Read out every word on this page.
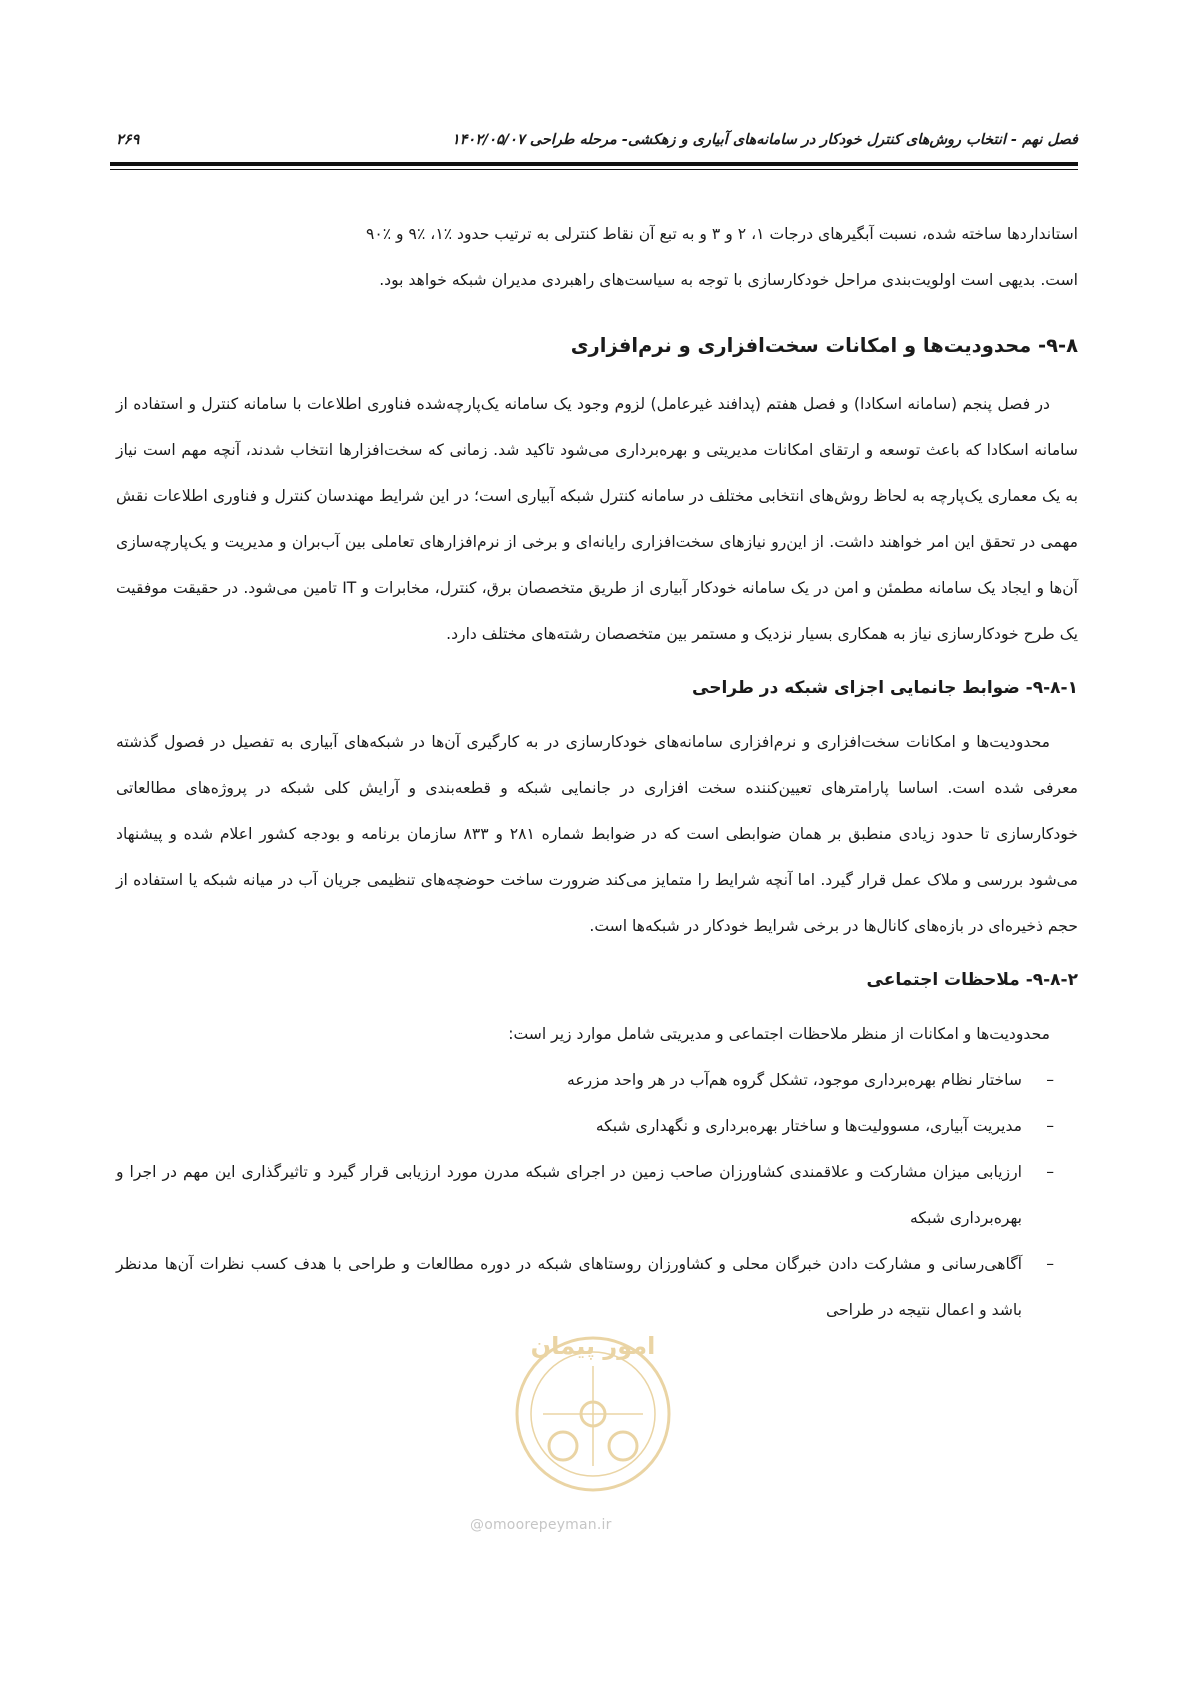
فصل نهم - انتخاب روش‌های کنترل خودکار در سامانه‌های آبیاری و زهکشی- مرحله طراحی ۱۴۰۲/۰۵/۰۷
۲۶۹

استانداردها ساخته شده، نسبت آبگیرهای درجات ۱، ۲ و ۳ و به تبع آن نقاط کنترلی به ترتیب حدود ٪۱، ٪۹ و ٪۹۰
است. بدیهی است اولویت‌بندی مراحل خودکارسازی با توجه به سیاست‌های راهبردی مدیران شبکه خواهد بود.

۹-۸- محدودیت‌ها و امکانات سخت‌افزاری و نرم‌افزاری

در فصل پنجم (سامانه اسکادا) و فصل هفتم (پدافند غیرعامل) لزوم وجود یک سامانه یک‌پارچه‌شده فناوری اطلاعات با سامانه کنترل و استفاده از سامانه اسکادا که باعث توسعه و ارتقای امکانات مدیریتی و بهره‌برداری می‌شود تاکید شد. زمانی که سخت‌افزارها انتخاب شدند، آنچه مهم است نیاز به یک معماری یک‌پارچه به لحاظ روش‌های انتخابی مختلف در سامانه کنترل شبکه آبیاری است؛ در این شرایط مهندسان کنترل و فناوری اطلاعات نقش مهمی در تحقق این امر خواهند داشت. از این‌رو نیازهای سخت‌افزاری رایانه‌ای و برخی از نرم‌افزارهای تعاملی بین آب‌بران و مدیریت و یک‌پارچه‌سازی آن‌ها و ایجاد یک سامانه مطمئن و امن در یک سامانه خودکار آبیاری از طریق متخصصان برق، کنترل، مخابرات و IT تامین می‌شود. در حقیقت موفقیت یک طرح خودکارسازی نیاز به همکاری بسیار نزدیک و مستمر بین متخصصان رشته‌های مختلف دارد.

۹-۸-۱- ضوابط جانمایی اجزای شبکه در طراحی

محدودیت‌ها و امکانات سخت‌افزاری و نرم‌افزاری سامانه‌های خودکارسازی در به کارگیری آن‌ها در شبکه‌های آبیاری به تفصیل در فصول گذشته معرفی شده است. اساسا پارامترهای تعیین‌کننده سخت افزاری در جانمایی شبکه و قطعه‌بندی و آرایش کلی شبکه در پروژه‌های مطالعاتی خودکارسازی تا حدود زیادی منطبق بر همان ضوابطی است که در ضوابط شماره ۲۸۱ و ۸۳۳ سازمان برنامه و بودجه کشور اعلام شده و پیشنهاد می‌شود بررسی و ملاک عمل قرار گیرد. اما آنچه شرایط را متمایز می‌کند ضرورت ساخت حوضچه‌های تنظیمی جریان آب در میانه شبکه یا استفاده از حجم ذخیره‌ای در بازه‌های کانال‌ها در برخی شرایط خودکار در شبکه‌ها است.

۹-۸-۲- ملاحظات اجتماعی

محدودیت‌ها و امکانات از منظر ملاحظات اجتماعی و مدیریتی شامل موارد زیر است:

–
ساختار نظام بهره‌برداری موجود، تشکل گروه هم‌آب در هر واحد مزرعه
–
مدیریت آبیاری، مسوولیت‌ها و ساختار بهره‌برداری و نگهداری شبکه
–
ارزیابی میزان مشارکت و علاقمندی کشاورزان صاحب زمین در اجرای شبکه مدرن مورد ارزیابی قرار گیرد و تاثیرگذاری این مهم در اجرا و بهره‌برداری شبکه
–
آگاهی‌رسانی و مشارکت دادن خبرگان محلی و کشاورزان روستاهای شبکه در دوره مطالعات و طراحی با هدف کسب نظرات آن‌ها مدنظر باشد و اعمال نتیجه در طراحی
امور پیمان
@omoorepeyman.ir
